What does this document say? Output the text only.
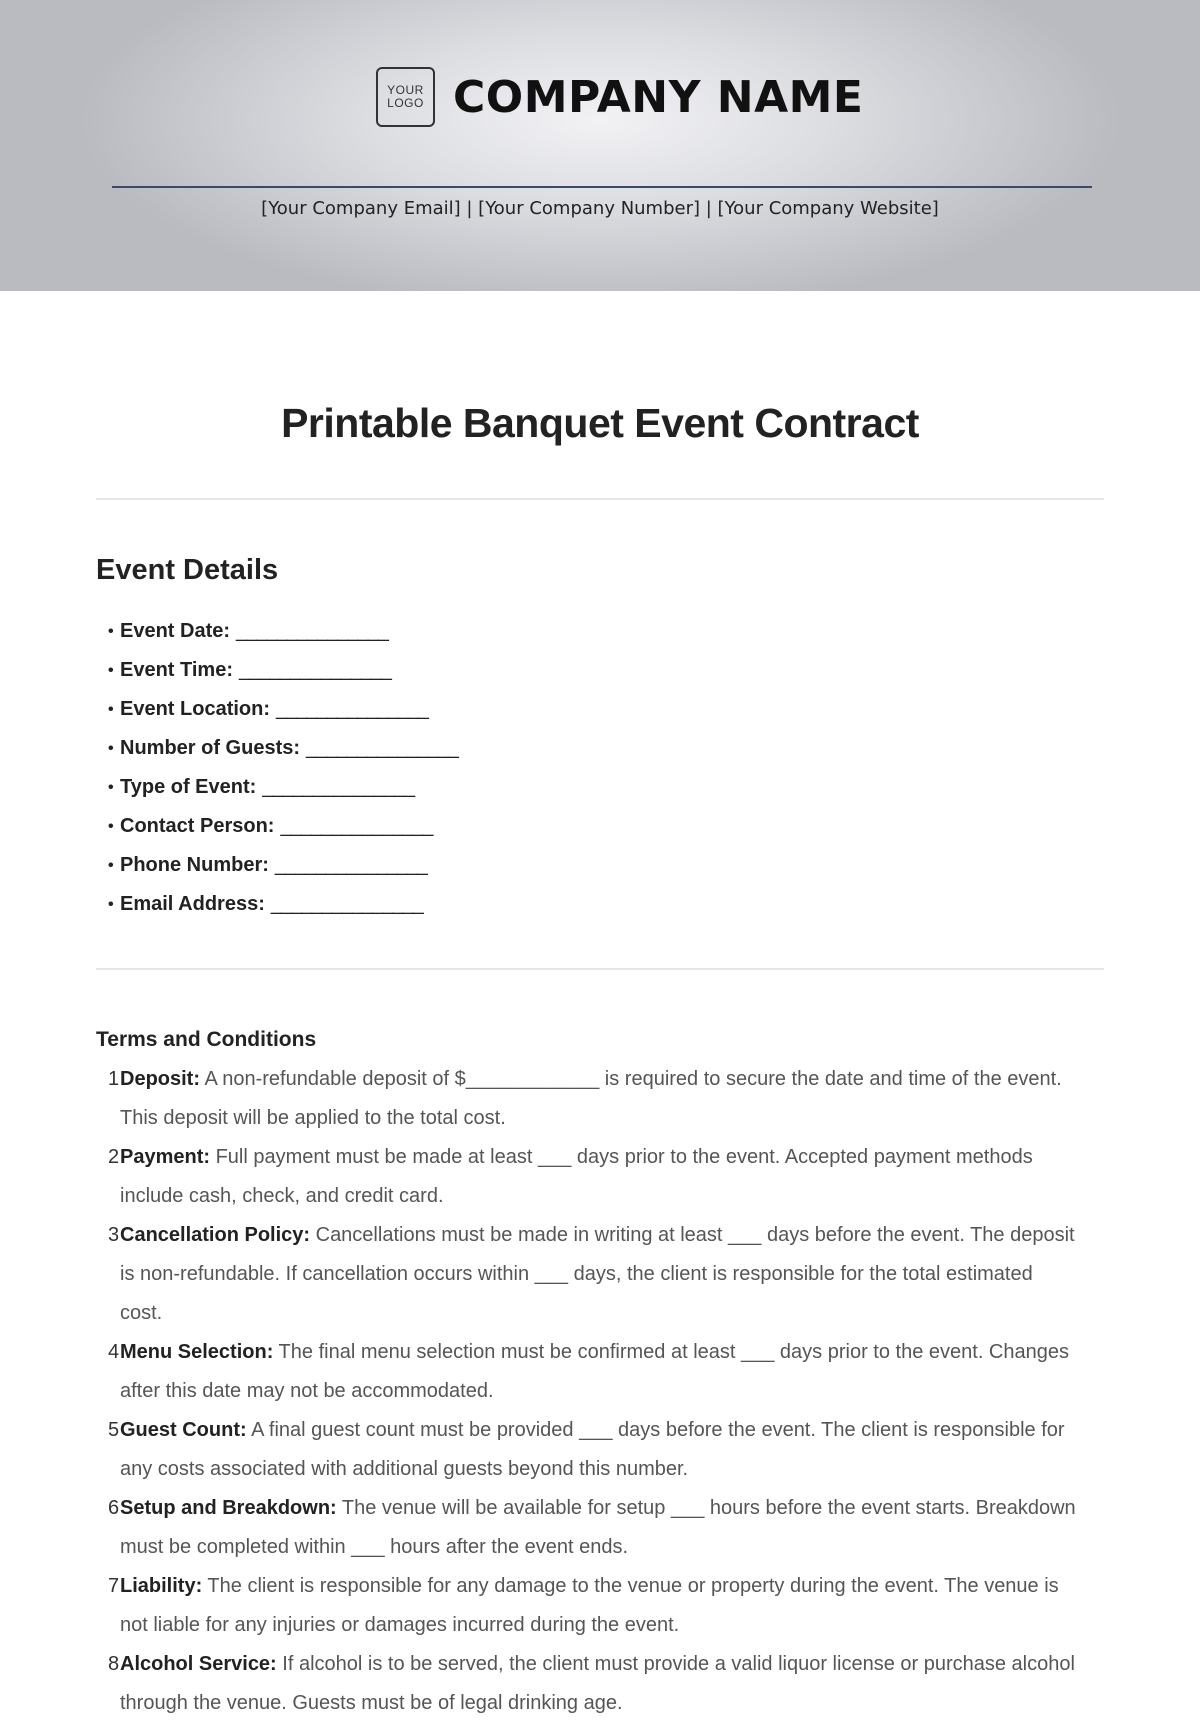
YOUR
LOGO COMPANY NAME
[Your Company Email] | [Your Company Number] | [Your Company Website]
Printable Banquet Event Contract
Event Details
• Event Date: _______________
• Event Time: _______________
• Event Location: _______________
• Number of Guests: _______________
• Type of Event: _______________
• Contact Person: _______________
• Phone Number: _______________
• Email Address: _______________
Terms and Conditions
1 Deposit: A non-refundable deposit of $____________ is required to secure the date and time of the event. This deposit will be applied to the total cost.
2 Payment: Full payment must be made at least ___ days prior to the event. Accepted payment methods include cash, check, and credit card.
3 Cancellation Policy: Cancellations must be made in writing at least ___ days before the event. The deposit is non-refundable. If cancellation occurs within ___ days, the client is responsible for the total estimated cost.
4 Menu Selection: The final menu selection must be confirmed at least ___ days prior to the event. Changes after this date may not be accommodated.
5 Guest Count: A final guest count must be provided ___ days before the event. The client is responsible for any costs associated with additional guests beyond this number.
6 Setup and Breakdown: The venue will be available for setup ___ hours before the event starts. Breakdown must be completed within ___ hours after the event ends.
7 Liability: The client is responsible for any damage to the venue or property during the event. The venue is not liable for any injuries or damages incurred during the event.
8 Alcohol Service: If alcohol is to be served, the client must provide a valid liquor license or purchase alcohol through the venue. Guests must be of legal drinking age.
